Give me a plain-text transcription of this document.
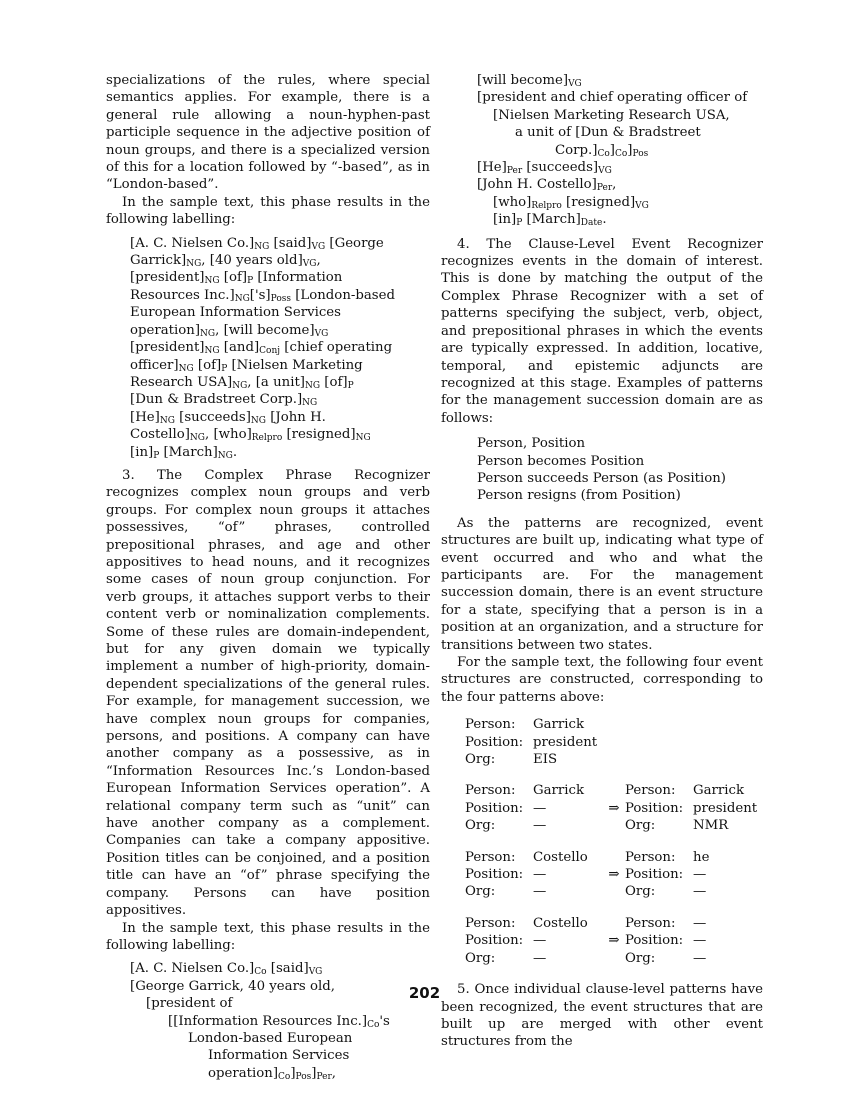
specializations of the rules, where special semantics applies. For example, there is a general rule allowing a noun-hyphen-past participle sequence in the adjective position of noun groups, and there is a specialized version of this for a location followed by “-based”, as in “London-based”.

In the sample text, this phase results in the following labelling:

[A. C. Nielsen $Co.]_{NG}$ $[said]_{VG}$ [George
$Garrick]_{NG}$, [40 years $old]_{VG}$,
$[president]_{NG}$ $[of]_P$ [Information
Resources $Inc.]_{NG}['s]_{Poss}$ [London-based
European Information Services
$operation]_{NG}$, [will $become]_{VG}$
$[president]_{NG}$ $[and]_{Conj}$ [chief operating
$officer]_{NG}$ $[of]_P$ [Nielsen Marketing
Research $USA]_{NG}$, [a $unit]_{NG}$ $[of]_P$
[Dun & Bradstreet $Corp.]_{NG}$
$[He]_{NG}$ $[succeeds]_{NG}$ [John H.
$Costello]_{NG}$, $[who]_{Relpro}$ $[resigned]_{NG}$
$[in]_P$ $[March]_{NG}$.

3. The Complex Phrase Recognizer recognizes complex noun groups and verb groups. For complex noun groups it attaches possessives, “of” phrases, controlled prepositional phrases, and age and other appositives to head nouns, and it recognizes some cases of noun group conjunction. For verb groups, it attaches support verbs to their content verb or nominalization complements. Some of these rules are domain-independent, but for any given domain we typically implement a number of high-priority, domain-dependent specializations of the general rules. For example, for management succession, we have complex noun groups for companies, persons, and positions. A company can have another company as a possessive, as in “Information Resources Inc.’s London-based European Information Services operation”. A relational company term such as “unit” can have another company as a complement. Companies can take a company appositive. Position titles can be conjoined, and a position title can have an “of” phrase specifying the company. Persons can have position appositives.

In the sample text, this phase results in the following labelling:

[A. C. Nielsen $Co.]_{Co}$ $[said]_{VG}$
[George Garrick, 40 years old,
[president of
[[Information Resources $Inc.]_{Co}'s$
London-based European
Information Services
$operation]_{Co}]_{Pos}]_{Per}$,
[will $become]_{VG}$
[president and chief operating officer of
[Nielsen Marketing Research USA,
a unit of [Dun & Bradstreet
$Corp.]_{Co}]_{Co}]_{Pos}$
$[He]_{Per}$ $[succeeds]_{VG}$
[John H. $Costello]_{Per}$,
$[who]_{Relpro}$ $[resigned]_{VG}$
$[in]_P$ $[March]_{Date}$.

4. The Clause-Level Event Recognizer recognizes events in the domain of interest. This is done by matching the output of the Complex Phrase Recognizer with a set of patterns specifying the subject, verb, object, and prepositional phrases in which the events are typically expressed. In addition, locative, temporal, and epistemic adjuncts are recognized at this stage. Examples of patterns for the management succession domain are as follows:

Person, Position
Person becomes Position
Person succeeds Person (as Position)
Person resigns (from Position)

As the patterns are recognized, event structures are built up, indicating what type of event occurred and who and what the participants are. For the management succession domain, there is an event structure for a state, specifying that a person is in a position at an organization, and a structure for transitions between two states.

For the sample text, the following four event structures are constructed, corresponding to the four patterns above:

Person:	Garrick
Position: president
Org:	EIS
Person:	Garrick
Position: —
Org:	—
⇒
Person:	Garrick
Position: president
Org:	NMR
Person:	Costello
Position: —
Org:	—
⇒
Person:	he
Position: —
Org:	—
Person:	Costello
Position: —
Org:	—
⇒
Person:	—
Position: —
Org:	—

5. Once individual clause-level patterns have been recognized, the event structures that are built up are merged with other event structures from the

202
